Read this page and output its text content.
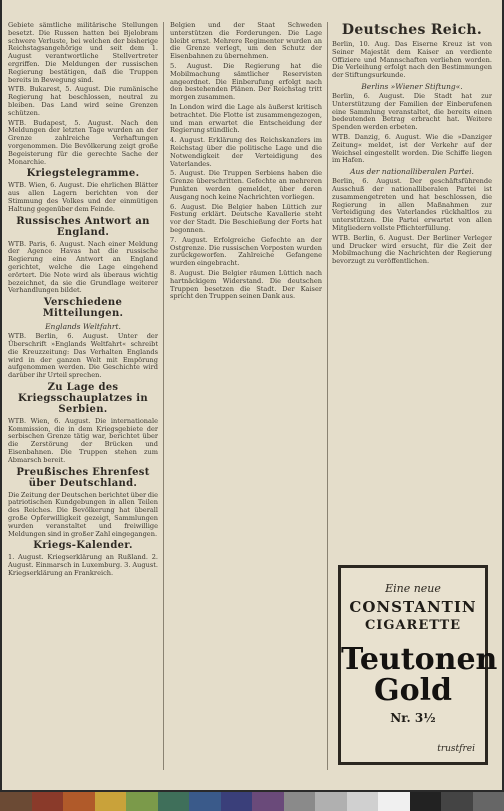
Gebiete sämtliche militärische Stellungen besetzt. Die Russen hatten bei Bjelobram schwere Verluste, bei welchen der bisherige Reichstagsangehörige und seit dem 1. August verantwortliche Stellvertreter ergriffen. Die Meldungen der russischen Regierung bestätigen, daß die Truppen bereits in Bewegung sind.

WTB. Bukarest, 5. August. Die rumänische Regierung hat beschlossen, neutral zu bleiben. Das Land wird seine Grenzen schützen.

WTB. Budapest, 5. August. Nach den Meldungen der letzten Tage wurden an der Grenze zahlreiche Verhaftungen vorgenommen. Die Bevölkerung zeigt große Begeisterung für die gerechte Sache der Monarchie.

Kriegstelegramme.

WTB. Wien, 6. August. Die ehrlichen Blätter aus allen Lagern berichten von der Stimmung des Volkes und der einmütigen Haltung gegenüber dem Feinde.

Russisches Antwort an England.

WTB. Paris, 6. August. Nach einer Meldung der Agence Havas hat die russische Regierung eine Antwort an England gerichtet, welche die Lage eingehend erörtert. Die Note wird als überaus wichtig bezeichnet, da sie die Grundlage weiterer Verhandlungen bildet.

Verschiedene Mitteilungen.
Englands Weltfahrt.

WTB. Berlin, 6. August. Unter der Überschrift »Englands Weltfahrt« schreibt die Kreuzzeitung: Das Verhalten Englands wird in der ganzen Welt mit Empörung aufgenommen werden. Die Geschichte wird darüber ihr Urteil sprechen.

Zu Lage des Kriegsschauplatzes in Serbien.

WTB. Wien, 6. August. Die internationale Kommission, die in dem Kriegsgebiete der serbischen Grenze tätig war, berichtet über die Zerstörung der Brücken und Eisenbahnen. Die Truppen stehen zum Abmarsch bereit.

Preußisches Ehrenfest über Deutschland.

Die Zeitung der Deutschen berichtet über die patriotischen Kundgebungen in allen Teilen des Reiches. Die Bevölkerung hat überall große Opferwilligkeit gezeigt, Sammlungen wurden veranstaltet und freiwillige Meldungen sind in großer Zahl eingegangen.

Kriegs-Kalender.

1. August. Kriegserklärung an Rußland. 2. August. Einmarsch in Luxemburg. 3. August. Kriegserklärung an Frankreich.

Belgien und der Staat Schweden unterstützen die Forderungen. Die Lage bleibt ernst. Mehrere Regimenter wurden an die Grenze verlegt, um den Schutz der Eisenbahnen zu übernehmen.

5. August. Die Regierung hat die Mobilmachung sämtlicher Reservisten angeordnet. Die Einberufung erfolgt nach den bestehenden Plänen. Der Reichstag tritt morgen zusammen.

In London wird die Lage als äußerst kritisch betrachtet. Die Flotte ist zusammengezogen, und man erwartet die Entscheidung der Regierung stündlich.

4. August. Erklärung des Reichskanzlers im Reichstag über die politische Lage und die Notwendigkeit der Verteidigung des Vaterlandes.

5. August. Die Truppen Serbiens haben die Grenze überschritten. Gefechte an mehreren Punkten werden gemeldet, über deren Ausgang noch keine Nachrichten vorliegen.

6. August. Die Belgier haben Lüttich zur Festung erklärt. Deutsche Kavallerie steht vor der Stadt. Die Beschießung der Forts hat begonnen.

7. August. Erfolgreiche Gefechte an der Ostgrenze. Die russischen Vorposten wurden zurückgeworfen. Zahlreiche Gefangene wurden eingebracht.

8. August. Die Belgier räumen Lüttich nach hartnäckigem Widerstand. Die deutschen Truppen besetzen die Stadt. Der Kaiser spricht den Truppen seinen Dank aus.

Deutsches Reich.

Berlin, 10. Aug. Das Eiserne Kreuz ist von Seiner Majestät dem Kaiser an verdiente Offiziere und Mannschaften verliehen worden. Die Verleihung erfolgt nach den Bestimmungen der Stiftungsurkunde.

Berlins »Wiener Stiftung«.

Berlin, 6. August. Die Stadt hat zur Unterstützung der Familien der Einberufenen eine Sammlung veranstaltet, die bereits einen bedeutenden Betrag erbracht hat. Weitere Spenden werden erbeten.

WTB. Danzig, 6. August. Wie die »Danziger Zeitung« meldet, ist der Verkehr auf der Weichsel eingestellt worden. Die Schiffe liegen im Hafen.

Aus der nationalliberalen Partei.

Berlin, 6. August. Der geschäftsführende Ausschuß der nationalliberalen Partei ist zusammengetreten und hat beschlossen, die Regierung in allen Maßnahmen zur Verteidigung des Vaterlandes rückhaltlos zu unterstützen. Die Partei erwartet von allen Mitgliedern vollste Pflichterfüllung.

WTB. Berlin, 6. August. Der Berliner Verleger und Drucker wird ersucht, für die Zeit der Mobilmachung die Nachrichten der Regierung bevorzugt zu veröffentlichen.

Eine neue
CONSTANTIN
CIGARETTE
Teutonen
Gold
Nr. 3½
trustfrei
